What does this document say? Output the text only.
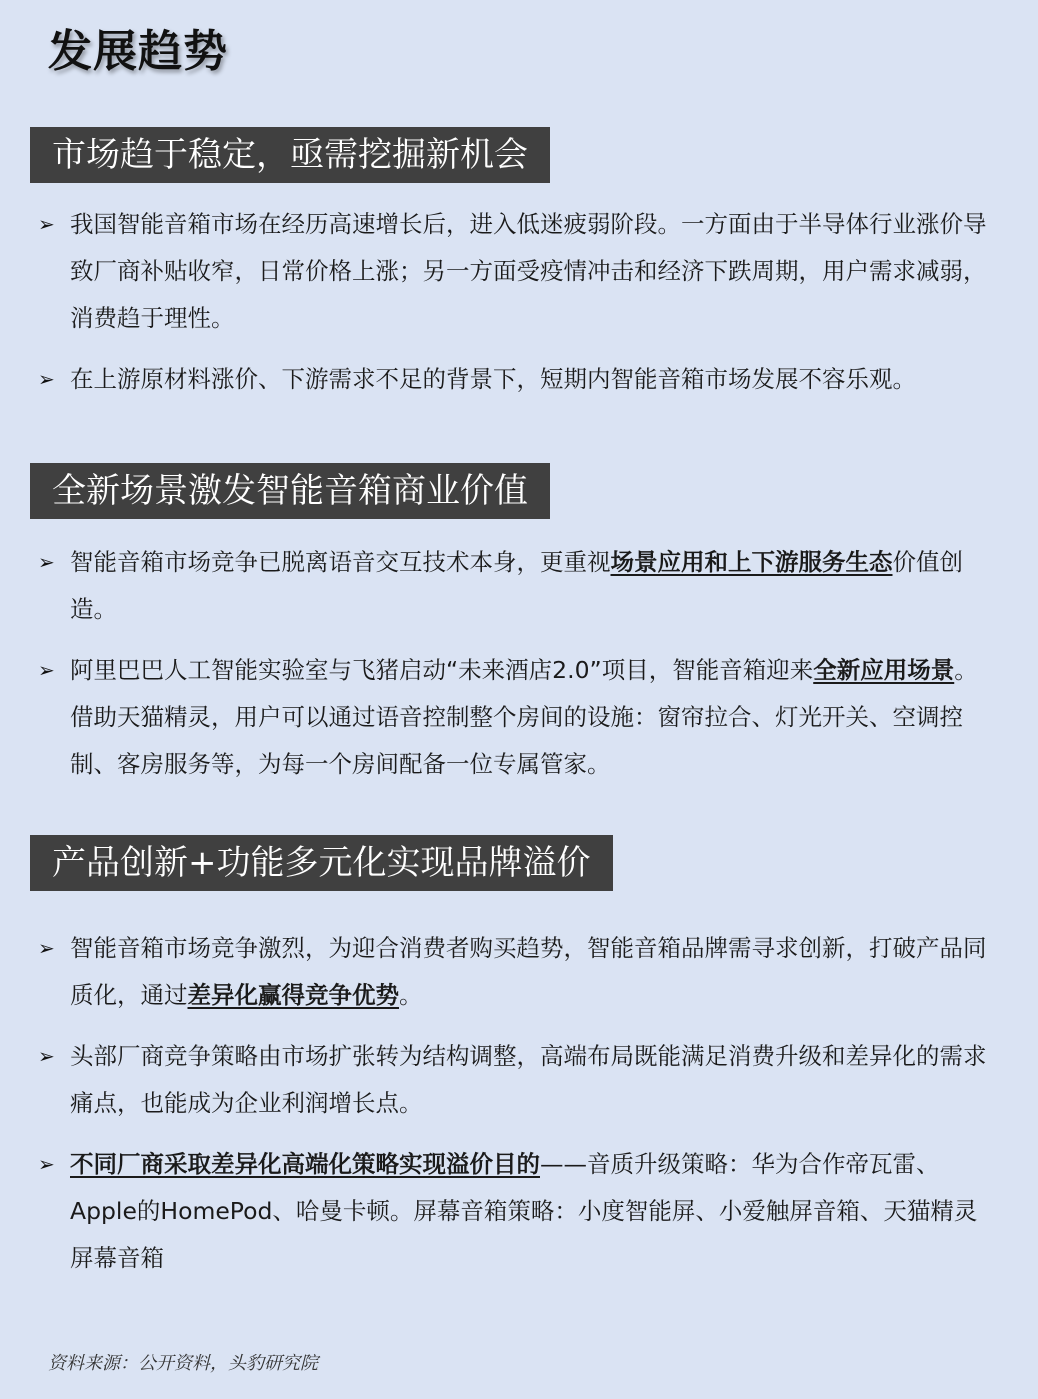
发展趋势
市场趋于稳定，亟需挖掘新机会
➢ 我国智能音箱市场在经历高速增长后，进入低迷疲弱阶段。一方面由于半导体行业涨价导致厂商补贴收窄，日常价格上涨；另一方面受疫情冲击和经济下跌周期，用户需求减弱，消费趋于理性。
➢ 在上游原材料涨价、下游需求不足的背景下，短期内智能音箱市场发展不容乐观。
全新场景激发智能音箱商业价值
➢ 智能音箱市场竞争已脱离语音交互技术本身，更重视场景应用和上下游服务生态价值创造。
➢ 阿里巴巴人工智能实验室与飞猪启动“未来酒店2.0”项目，智能音箱迎来全新应用场景。借助天猫精灵，用户可以通过语音控制整个房间的设施：窗帘拉合、灯光开关、空调控制、客房服务等，为每一个房间配备一位专属管家。
产品创新+功能多元化实现品牌溢价
➢ 智能音箱市场竞争激烈，为迎合消费者购买趋势，智能音箱品牌需寻求创新，打破产品同质化，通过差异化赢得竞争优势。
➢ 头部厂商竞争策略由市场扩张转为结构调整，高端布局既能满足消费升级和差异化的需求痛点，也能成为企业利润增长点。
➢ 不同厂商采取差异化高端化策略实现溢价目的——音质升级策略：华为合作帝瓦雷、Apple的HomePod、哈曼卡顿。屏幕音箱策略：小度智能屏、小爱触屏音箱、天猫精灵屏幕音箱
资料来源：公开资料，头豹研究院
